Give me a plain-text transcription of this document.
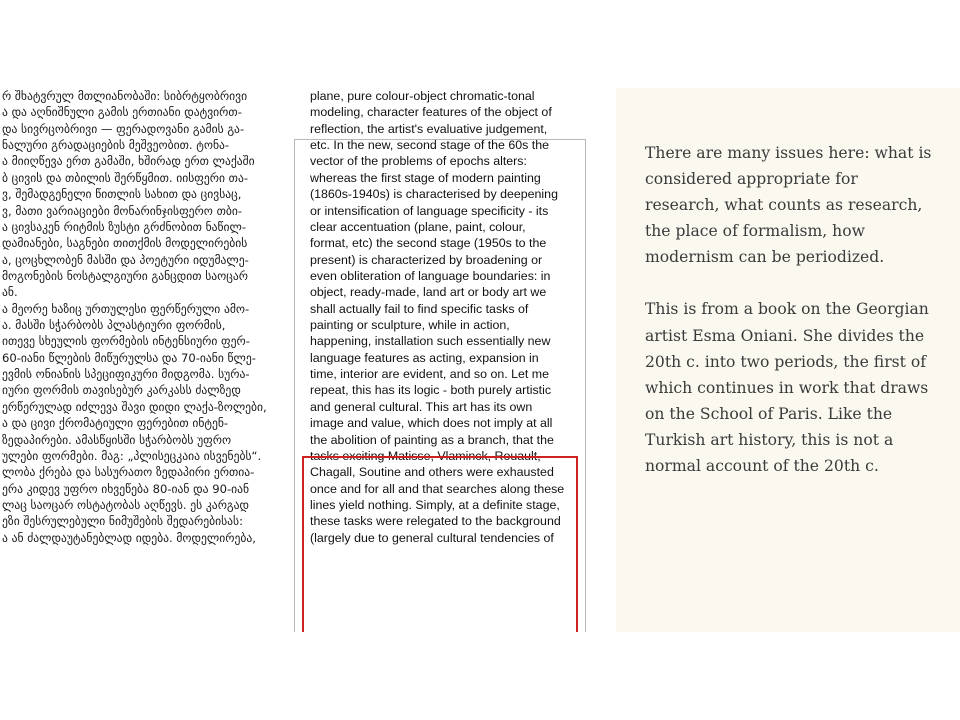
რ შხატვრულ მთლიანობაში: სიბრტყობრივი
ა და აღნიშნული გამის ერთიანი დატვირთ-
და სივრცობრივი — ფერადოვანი გამის გა-
ნალური გრადაციების მეშვეობით. ტონა-
ა მიიღწევა ერთ გამაში, ხშირად ერთ ლაქაში
ბ ცივის და თბილის შერწყმით. იისფერი თა-
ვ, შემადგენელი წითლის სახით და ცივსაც,
ვ, მათი ვარიაციები მონარინჯისფერო თბი-
ა ცივსაკენ რიტმის ზუსტი გრძნობით ნაწილ-
დამიანები, საგნები თითქმის მოდელირების
ა, ცოცხლობენ მასში და პოეტური იდუმალე-
მოგონების ნოსტალგიური განცდით საოცარ
ან.
ა მეორე ხაზიც ურთულესი ფერწერული ამო-
ა. მასში სჭარბობს პლასტიური ფორმის,
ითევე სხეულის ფორმების ინტენსიური ფერ-
60-იანი წლების მიწურულსა და 70-იანი წლე-
ევმის ონიანის სპეციფიკური მიდგომა. სურა-
იური ფორმის თავისებურ კარკასს ძალზედ
ერწერულად იძლევა შავი დიდი ლაქა-ზოლები,
ა და ცივი ქრომატიული ფერებით ინტენ-
ზედაპირები. ამასწყისში სჭარბობს უფრო
ულები ფორმები. მაგ: „პლისეცკაია ისვენებს“.
ლობა ქრება და სასურათო ზედაპირი ერთია-
ერა კიდევ უფრო იხვეწება 80-იან და 90-იან
ლაც საოცარ ოსტატობას აღწევს. ეს კარგად
ეზი შესრულებული ნიმუშების შედარებისას:
ა ან ძალდაუტანებლად იდება. მოდელირება,
plane, pure colour-object chromatic-tonal
modeling, character features of the object of
reflection, the artist's evaluative judgement,
etc. In the new, second stage of the 60s the
vector of the problems of epochs alters:
whereas the first stage of modern painting
(1860s-1940s) is characterised by deepening
or intensification of language specificity - its
clear accentuation (plane, paint, colour,
format, etc) the second stage (1950s to the
present) is characterized by broadening or
even obliteration of language boundaries: in
object, ready-made, land art or body art we
shall actually fail to find specific tasks of
painting or sculpture, while in action,
happening, installation such essentially new
language features as acting, expansion in
time, interior are evident, and so on. Let me
repeat, this has its logic - both purely artistic
and general cultural. This art has its own
image and value, which does not imply at all
the abolition of painting as a branch, that the
tasks exciting Matisse, Vlaminck, Rouault,
Chagall, Soutine and others were exhausted
once and for all and that searches along these
lines yield nothing. Simply, at a definite stage,
these tasks were relegated to the background
(largely due to general cultural tendencies of

There are many issues here: what is considered appropriate for research, what counts as research, the place of formalism, how modernism can be periodized.

This is from a book on the Georgian artist Esma Oniani. She divides the 20th c. into two periods, the first of which continues in work that draws on the School of Paris. Like the Turkish art history, this is not a normal account of the 20th c.
